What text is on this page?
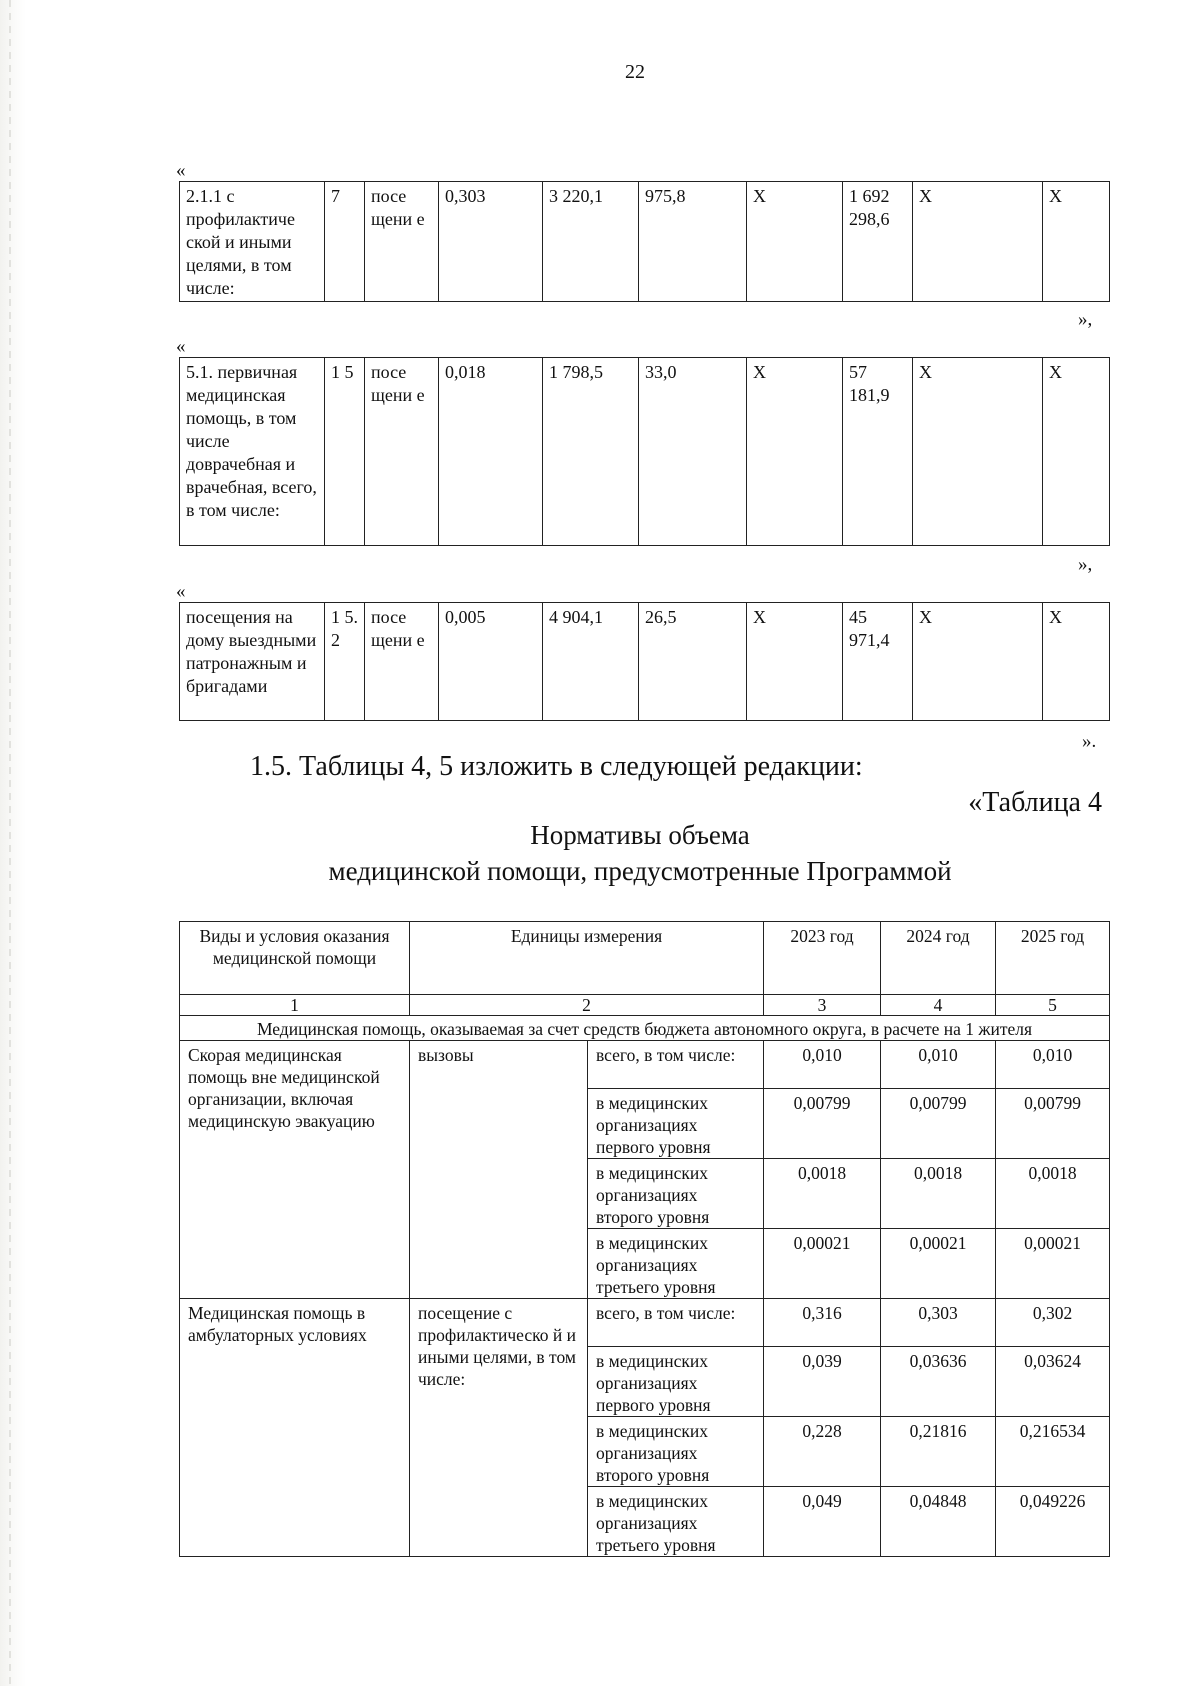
22
«
2.1.1 с профилактиче ской и иными целями, в том числе:	7	посе щени е	0,303	3 220,1	975,8	Х	1 692 298,6	Х	Х
»,
«
5.1. первичная медицинская помощь, в том числе доврачебная и врачебная, всего, в том числе:	1 5	посе щени е	0,018	1 798,5	33,0	Х	57 181,9	Х	Х
»,
«
посещения на дому выездными патронажным и бригадами	1 5. 2	посе щени е	0,005	4 904,1	26,5	Х	45 971,4	Х	Х
».
1.5. Таблицы 4, 5 изложить в следующей редакции:
«Таблица 4
Нормативы объема
медицинской помощи, предусмотренные Программой
Виды и условия оказания медицинской помощи	Единицы измерения		2023 год	2024 год	2025 год
1	2		3	4	5
Медицинская помощь, оказываемая за счет средств бюджета автономного округа, в расчете на 1 жителя					
Скорая медицинская помощь вне медицинской организации, включая медицинскую эвакуацию	вызовы	всего, в том числе:	0,010	0,010	0,010
		в медицинских организациях первого уровня	0,00799	0,00799	0,00799
		в медицинских организациях второго уровня	0,0018	0,0018	0,0018
		в медицинских организациях третьего уровня	0,00021	0,00021	0,00021
Медицинская помощь в амбулаторных условиях	посещение с профилактическо й и иными целями, в том числе:	всего, в том числе:	0,316	0,303	0,302
		в медицинских организациях первого уровня	0,039	0,03636	0,03624
		в медицинских организациях второго уровня	0,228	0,21816	0,216534
		в медицинских организациях третьего уровня	0,049	0,04848	0,049226
